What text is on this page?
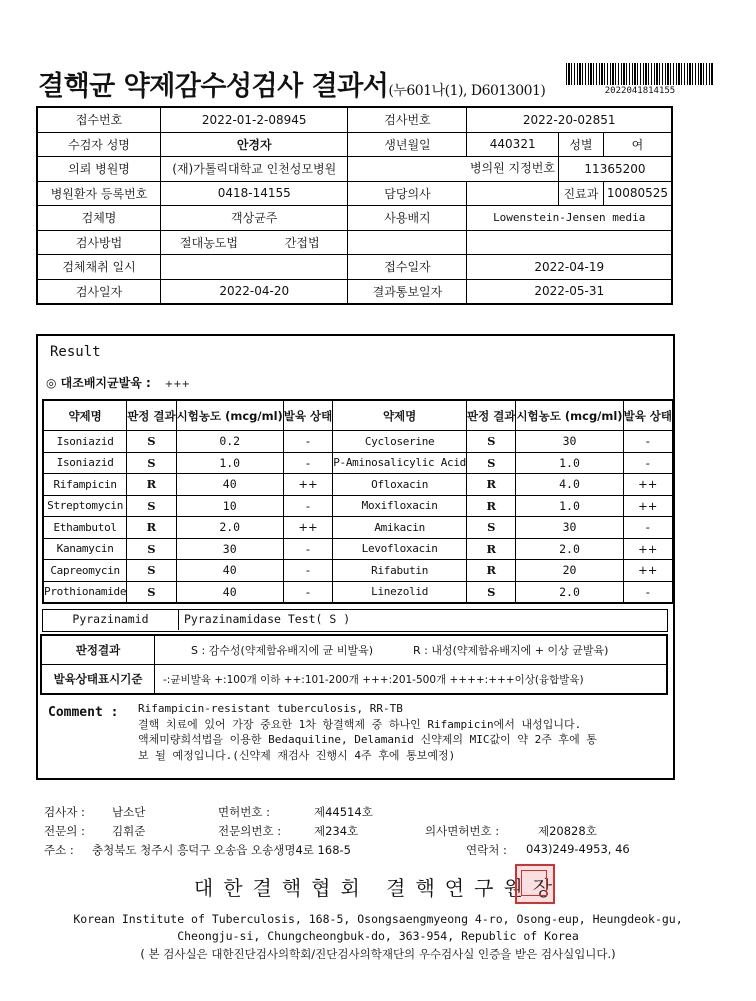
결핵균 약제감수성검사 결과서(누601나(1), D6013001)	2022041814155
접수번호	2022-01-2-08945		검사번호	2022-20-02851		
수검자 성명	안경자		생년월일	440321	성별	여
의뢰 병원명	(재)가톨릭대학교 인천성모병원			병의원 지정번호	11365200	
병원환자 등록번호	0418-14155		담당의사		진료과	10080525
검체명	객상균주		사용배지	Lowenstein-Jensen media		
검사방법	절대농도법	간접법				
검체채취 일시			접수일자	2022-04-19		
검사일자	2022-04-20		결과통보일자	2022-05-31		
Result
◎ 대조배지균발육 : +++
약제명	판정 결과	시험농도 (mcg/ml)	발육 상태	약제명	판정 결과	시험농도 (mcg/ml)	발육 상태
Isoniazid	S	0.2	-	Cycloserine	S	30	-
Isoniazid	S	1.0	-	P-Aminosalicylic Acid	S	1.0	-
Rifampicin	R	40	++	Ofloxacin	R	4.0	++
Streptomycin	S	10	-	Moxifloxacin	R	1.0	++
Ethambutol	R	2.0	++	Amikacin	S	30	-
Kanamycin	S	30	-	Levofloxacin	R	2.0	++
Capreomycin	S	40	-	Rifabutin	R	20	++
Prothionamide	S	40	-	Linezolid	S	2.0	-
Pyrazinamid	Pyrazinamidase Test( S )
판정결과	S : 감수성(약제함유배지에 균 비발육) R : 내성(약제함유배지에 + 이상 균발육)
발육상태표시기준	-:균비발육 +:100개 이하 ++:101-200개 +++:201-500개 ++++:+++이상(융합발육)
Comment : Rifampicin-resistant tuberculosis, RR-TB
결핵 치료에 있어 가장 중요한 1차 항결핵제 중 하나인 Rifampicin에서 내성입니다.
액체미량희석법을 이용한 Bedaquiline, Delamanid 신약제의 MIC값이 약 2주 후에 통
보 될 예정입니다.(신약제 재검사 진행시 4주 후에 통보예정)
검사자 : 남소단	면허번호 :	제44514호
전문의 : 김휘준	전문의번호 :	제234호	의사면허번호 :	제20828호
주소 : 충청북도 청주시 흥덕구 오송읍 오송생명4로 168-5	연락처 : 043)249-4953, 46
대한결핵협회 결핵연구원장
Korean Institute of Tuberculosis, 168-5, Osongsaengmyeong 4-ro, Osong-eup, Heungdeok-gu,
Cheongju-si, Chungcheongbuk-do, 363-954, Republic of Korea
( 본 검사실은 대한진단검사의학회/진단검사의학재단의 우수검사실 인증을 받은 검사실입니다.)
